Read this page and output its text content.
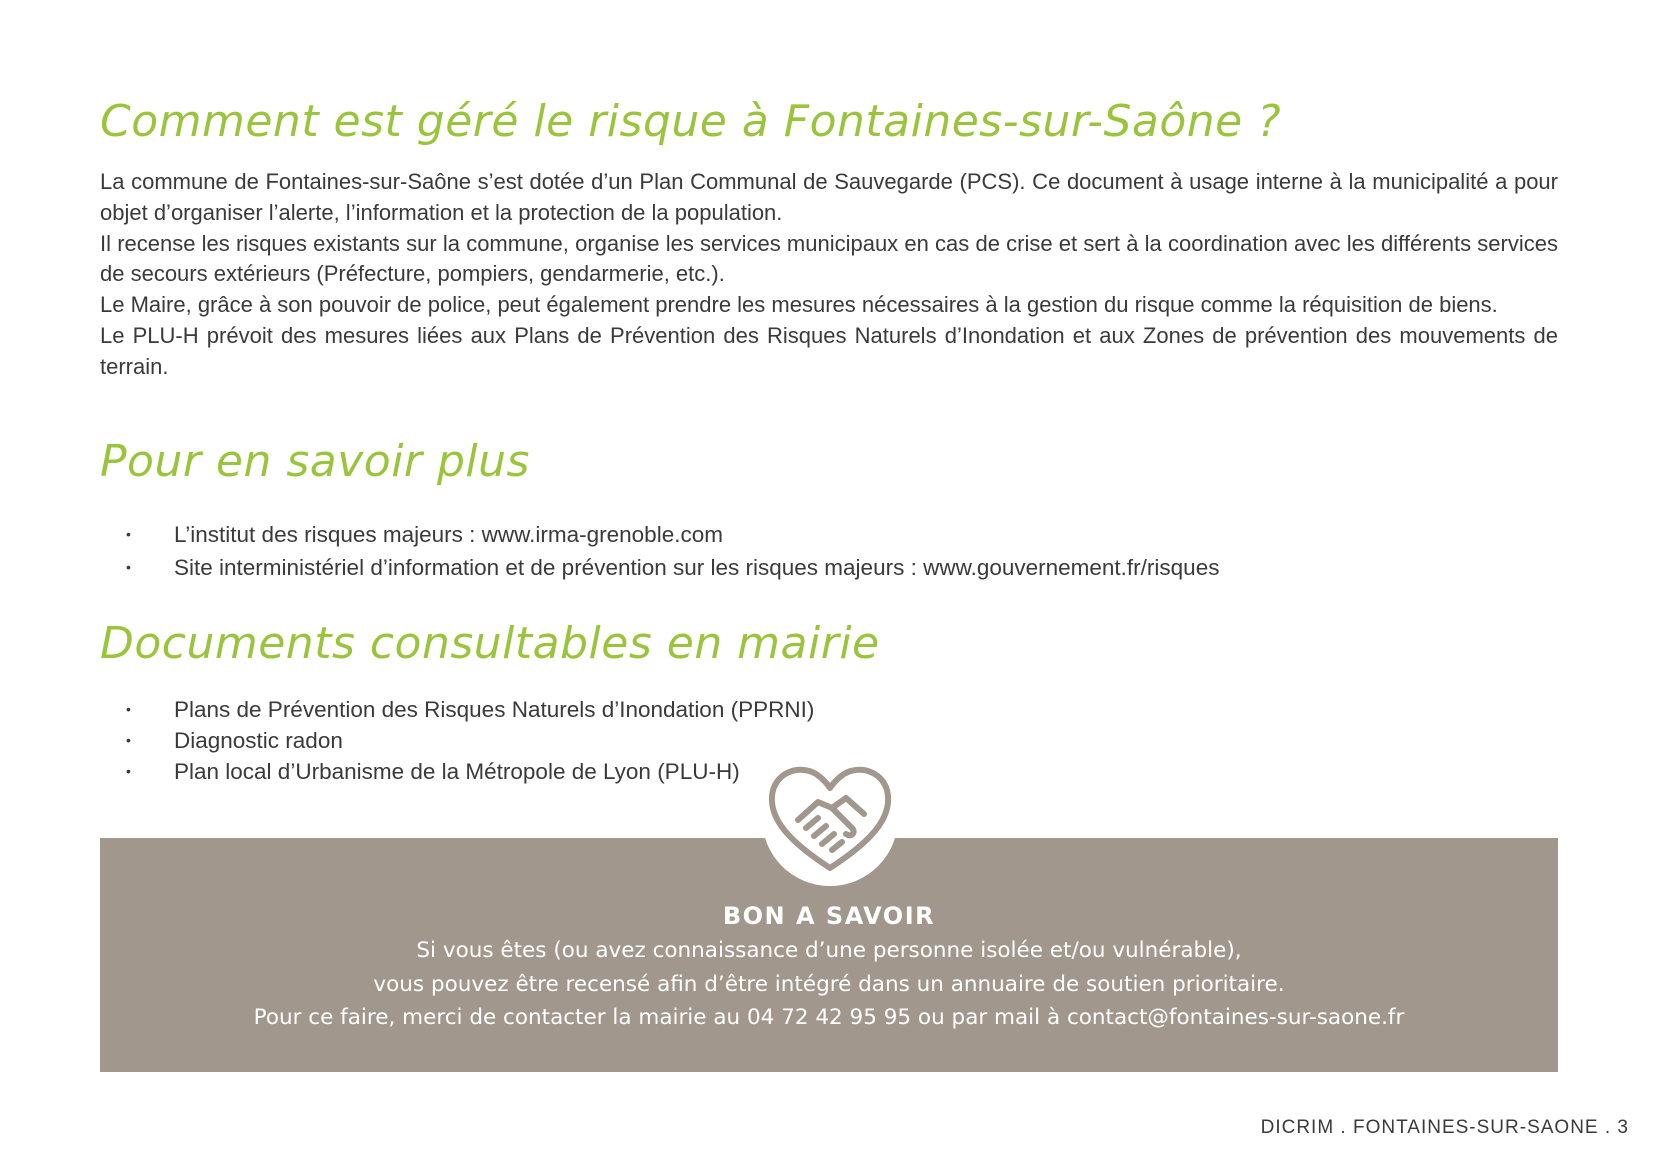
Comment est géré le risque à Fontaines-sur-Saône ?

La commune de Fontaines-sur-Saône s’est dotée d’un Plan Communal de Sauvegarde (PCS). Ce document à usage interne à la municipalité a pour objet d’organiser l’alerte, l’information et la protection de la population.

Il recense les risques existants sur la commune, organise les services municipaux en cas de crise et sert à la coordination avec les différents services de secours extérieurs (Préfecture, pompiers, gendarmerie, etc.).

Le Maire, grâce à son pouvoir de police, peut également prendre les mesures nécessaires à la gestion du risque comme la réquisition de biens.

Le PLU-H prévoit des mesures liées aux Plans de Prévention des Risques Naturels d’Inondation et aux Zones de prévention des mouvements de terrain.

Pour en savoir plus
• L’institut des risques majeurs : www.irma-grenoble.com
• Site interministériel d’information et de prévention sur les risques majeurs : www.gouvernement.fr/risques
Documents consultables en mairie
• Plans de Prévention des Risques Naturels d’Inondation (PPRNI)
• Diagnostic radon
• Plan local d’Urbanisme de la Métropole de Lyon (PLU-H)
BON A SAVOIR
Si vous êtes (ou avez connaissance d’une personne isolée et/ou vulnérable),
vous pouvez être recensé afin d’être intégré dans un annuaire de soutien prioritaire.
Pour ce faire, merci de contacter la mairie au 04 72 42 95 95 ou par mail à contact@fontaines-sur-saone.fr
DICRIM . FONTAINES-SUR-SAONE . 3
